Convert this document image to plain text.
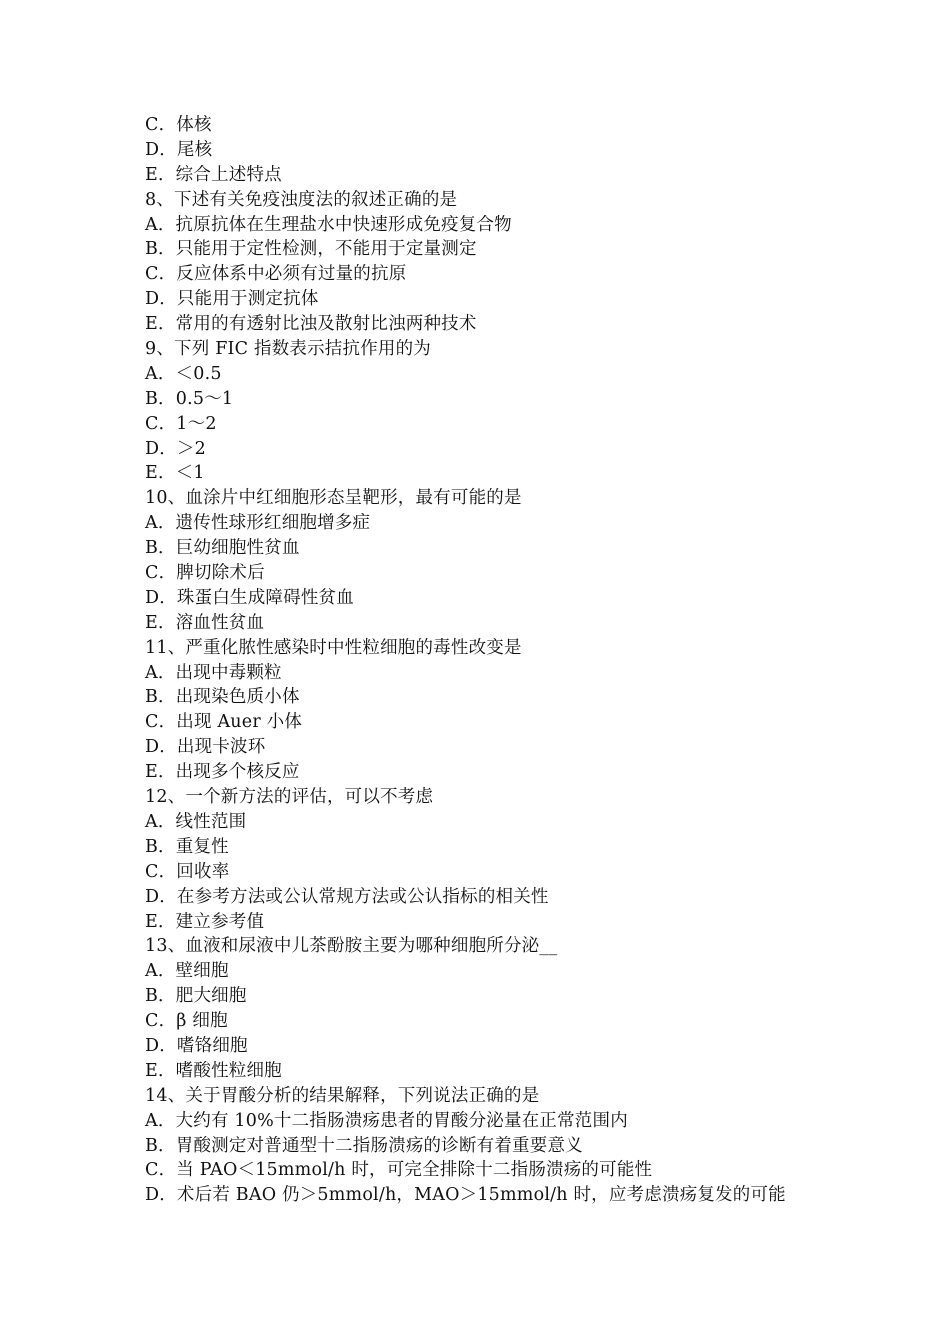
C．体核
D．尾核
E．综合上述特点
8、下述有关免疫浊度法的叙述正确的是
A．抗原抗体在生理盐水中快速形成免疫复合物
B．只能用于定性检测，不能用于定量测定
C．反应体系中必须有过量的抗原
D．只能用于测定抗体
E．常用的有透射比浊及散射比浊两种技术
9、下列 FIC 指数表示拮抗作用的为
A．＜0.5
B．0.5～1
C．1～2
D．＞2
E．＜1
10、血涂片中红细胞形态呈靶形，最有可能的是
A．遗传性球形红细胞增多症
B．巨幼细胞性贫血
C．脾切除术后
D．珠蛋白生成障碍性贫血
E．溶血性贫血
11、严重化脓性感染时中性粒细胞的毒性改变是
A．出现中毒颗粒
B．出现染色质小体
C．出现 Auer 小体
D．出现卡波环
E．出现多个核反应
12、一个新方法的评估，可以不考虑
A．线性范围
B．重复性
C．回收率
D．在参考方法或公认常规方法或公认指标的相关性
E．建立参考值
13、血液和尿液中儿茶酚胺主要为哪种细胞所分泌__
A．壁细胞
B．肥大细胞
C．β 细胞
D．嗜铬细胞
E．嗜酸性粒细胞
14、关于胃酸分析的结果解释，下列说法正确的是
A．大约有 10%十二指肠溃疡患者的胃酸分泌量在正常范围内
B．胃酸测定对普通型十二指肠溃疡的诊断有着重要意义
C．当 PAO＜15mmol/h 时，可完全排除十二指肠溃疡的可能性
D．术后若 BAO 仍＞5mmol/h，MAO＞15mmol/h 时，应考虑溃疡复发的可能
